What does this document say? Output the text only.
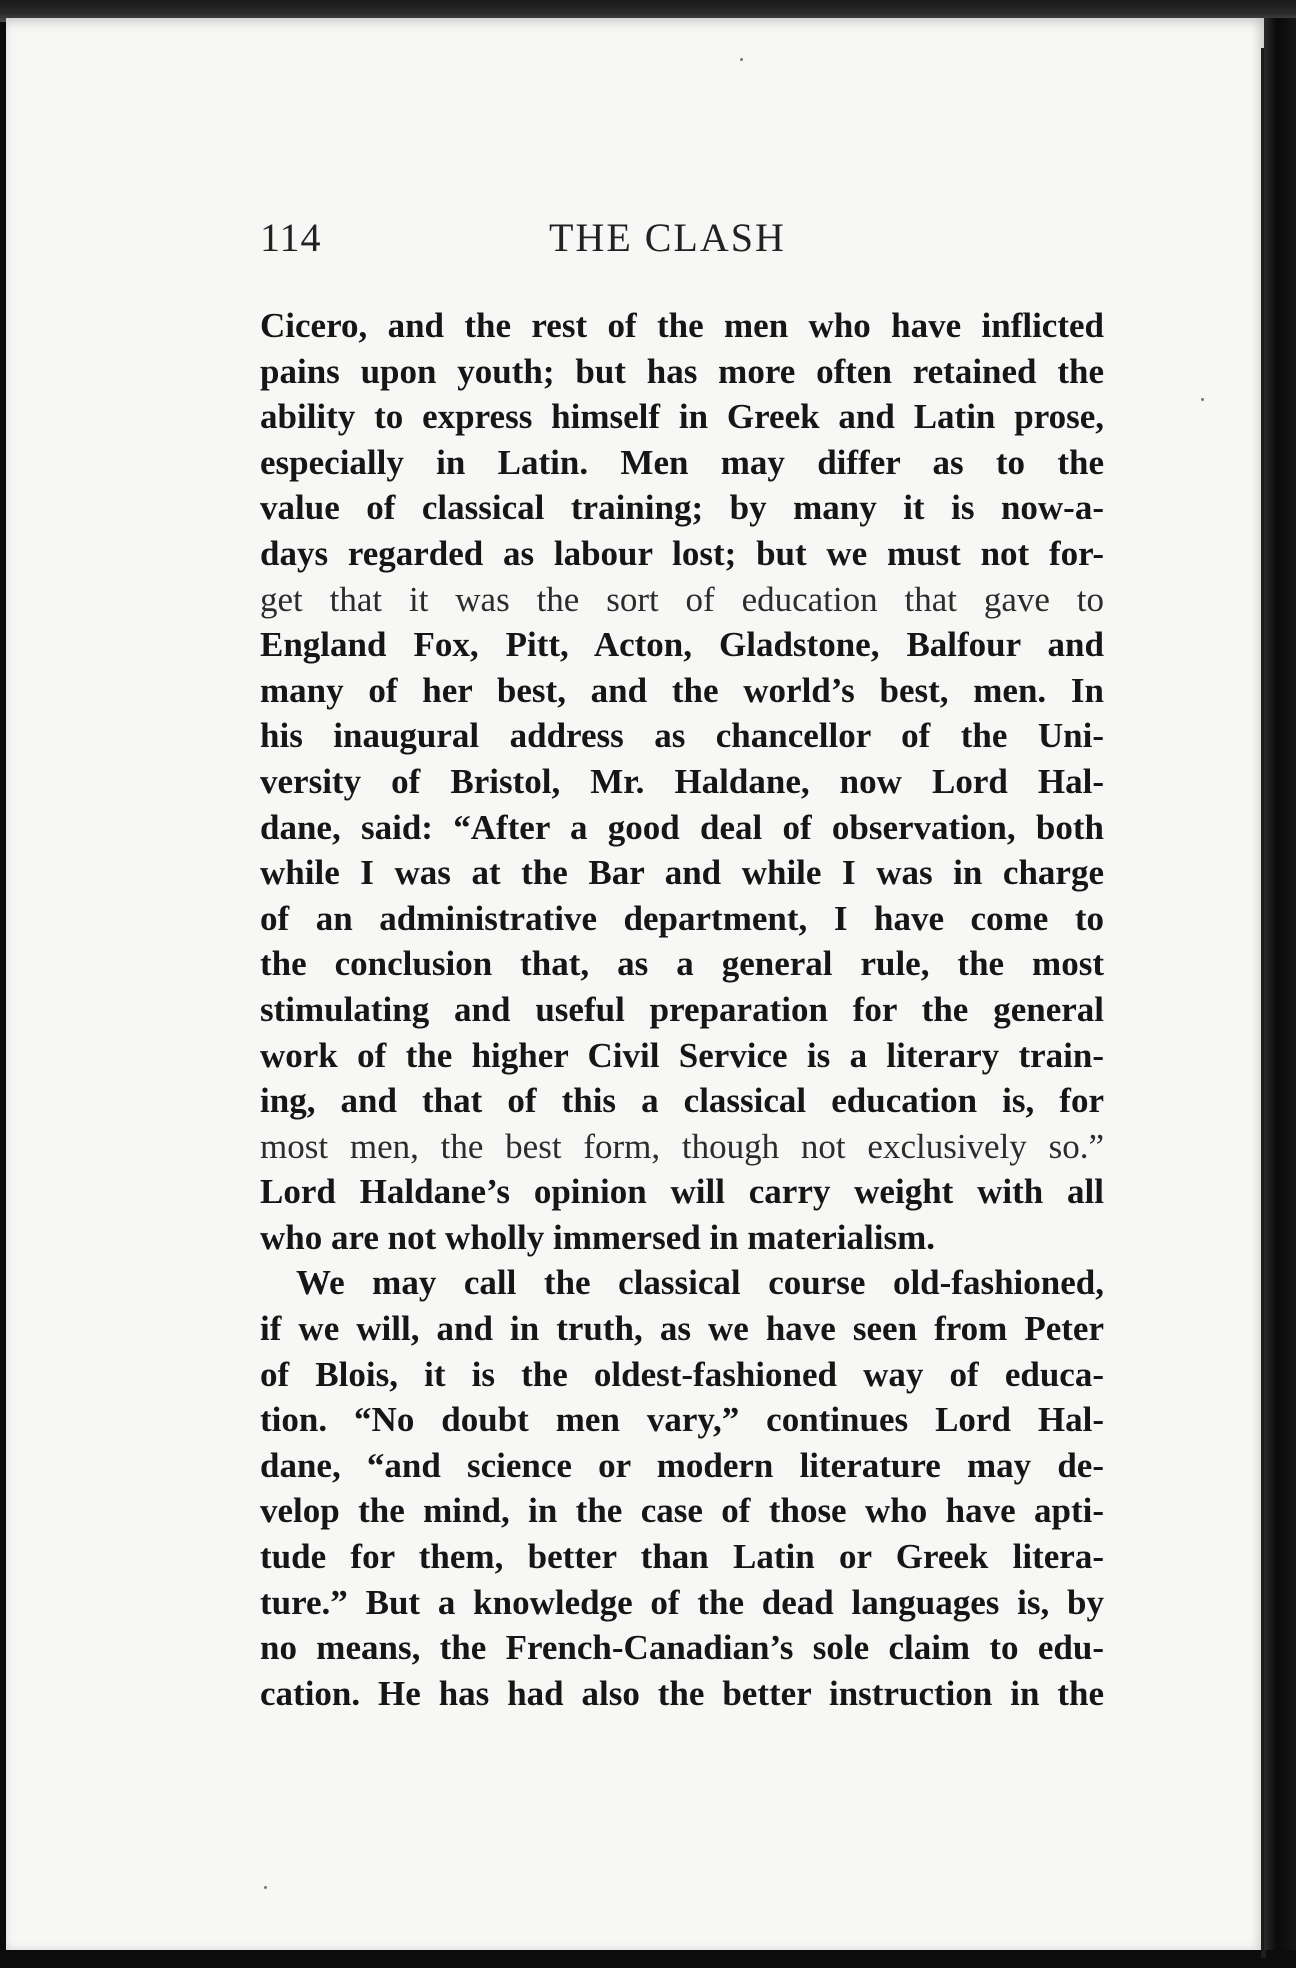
114	THE CLASH

Cicero, and the rest of the men who have inflicted
pains upon youth; but has more often retained the
ability to express himself in Greek and Latin prose,
especially in Latin. Men may differ as to the
value of classical training; by many it is now-a-
days regarded as labour lost; but we must not for-
get that it was the sort of education that gave to
England Fox, Pitt, Acton, Gladstone, Balfour and
many of her best, and the world’s best, men. In
his inaugural address as chancellor of the Uni-
versity of Bristol, Mr. Haldane, now Lord Hal-
dane, said: “After a good deal of observation, both
while I was at the Bar and while I was in charge
of an administrative department, I have come to
the conclusion that, as a general rule, the most
stimulating and useful preparation for the general
work of the higher Civil Service is a literary train-
ing, and that of this a classical education is, for
most men, the best form, though not exclusively so.”
Lord Haldane’s opinion will carry weight with all
who are not wholly immersed in materialism.

We may call the classical course old-fashioned,
if we will, and in truth, as we have seen from Peter
of Blois, it is the oldest-fashioned way of educa-
tion. “No doubt men vary,” continues Lord Hal-
dane, “and science or modern literature may de-
velop the mind, in the case of those who have apti-
tude for them, better than Latin or Greek litera-
ture.” But a knowledge of the dead languages is, by
no means, the French-Canadian’s sole claim to edu-
cation. He has had also the better instruction in the
